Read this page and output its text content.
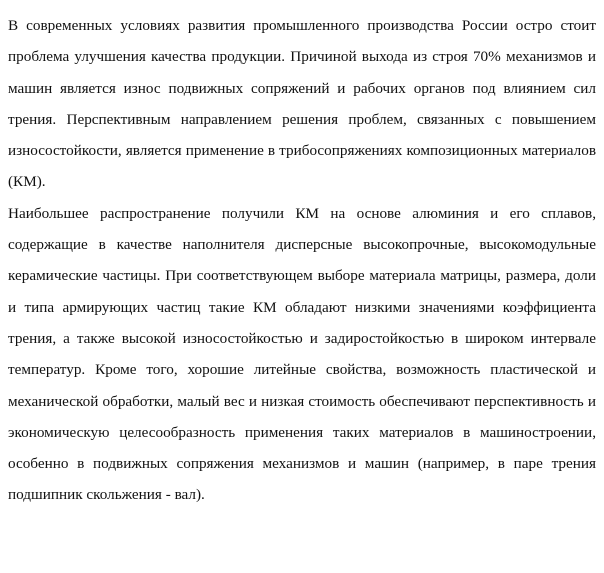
В современных условиях развития промышленного производства России остро стоит проблема улучшения качества продукции. Причиной выхода из строя 70% механизмов и машин является износ подвижных сопряжений и рабочих органов под влиянием сил трения. Перспективным направлением решения проблем, связанных с повышением износостойкости, является применение в трибосопряжениях композиционных материалов (КМ).

Наибольшее распространение получили КМ на основе алюминия и его сплавов, содержащие в качестве наполнителя дисперсные высокопрочные, высокомодульные керамические частицы. При соответствующем выборе материала матрицы, размера, доли и типа армирующих частиц такие КМ обладают низкими значениями коэффициента трения, а также высокой износостойкостью и задиростойкостью в широком интервале температур. Кроме того, хорошие литейные свойства, возможность пластической и механической обработки, малый вес и низкая стоимость обеспечивают перспективность и экономическую целесообразность применения таких материалов в машиностроении, особенно в подвижных сопряжения механизмов и машин (например, в паре трения подшипник скольжения - вал).
